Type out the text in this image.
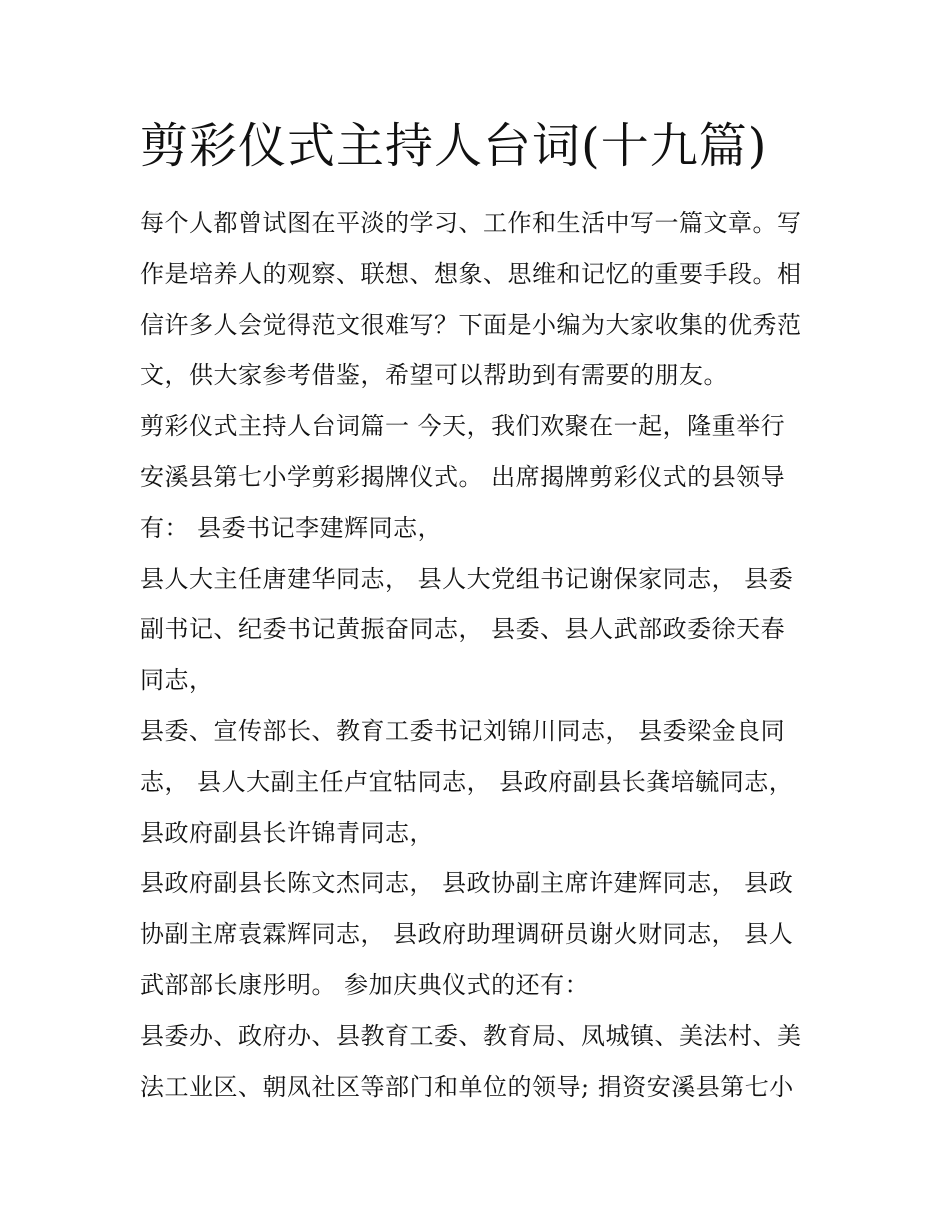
剪彩仪式主持人台词(十九篇)
每个人都曾试图在平淡的学习、工作和生活中写一篇文章。写
作是培养人的观察、联想、想象、思维和记忆的重要手段。相
信许多人会觉得范文很难写？下面是小编为大家收集的优秀范
文，供大家参考借鉴，希望可以帮助到有需要的朋友。
剪彩仪式主持人台词篇一 今天，我们欢聚在一起，隆重举行
安溪县第七小学剪彩揭牌仪式。 出席揭牌剪彩仪式的县领导
有： 县委书记李建辉同志，
县人大主任唐建华同志， 县人大党组书记谢保家同志， 县委
副书记、纪委书记黄振奋同志， 县委、县人武部政委徐天春
同志，
县委、宣传部长、教育工委书记刘锦川同志， 县委梁金良同
志， 县人大副主任卢宜牯同志， 县政府副县长龚培毓同志，
县政府副县长许锦青同志，
县政府副县长陈文杰同志， 县政协副主席许建辉同志， 县政
协副主席袁霖辉同志， 县政府助理调研员谢火财同志， 县人
武部部长康彤明。 参加庆典仪式的还有：
县委办、政府办、县教育工委、教育局、凤城镇、美法村、美
法工业区、朝凤社区等部门和单位的领导; 捐资安溪县第七小
